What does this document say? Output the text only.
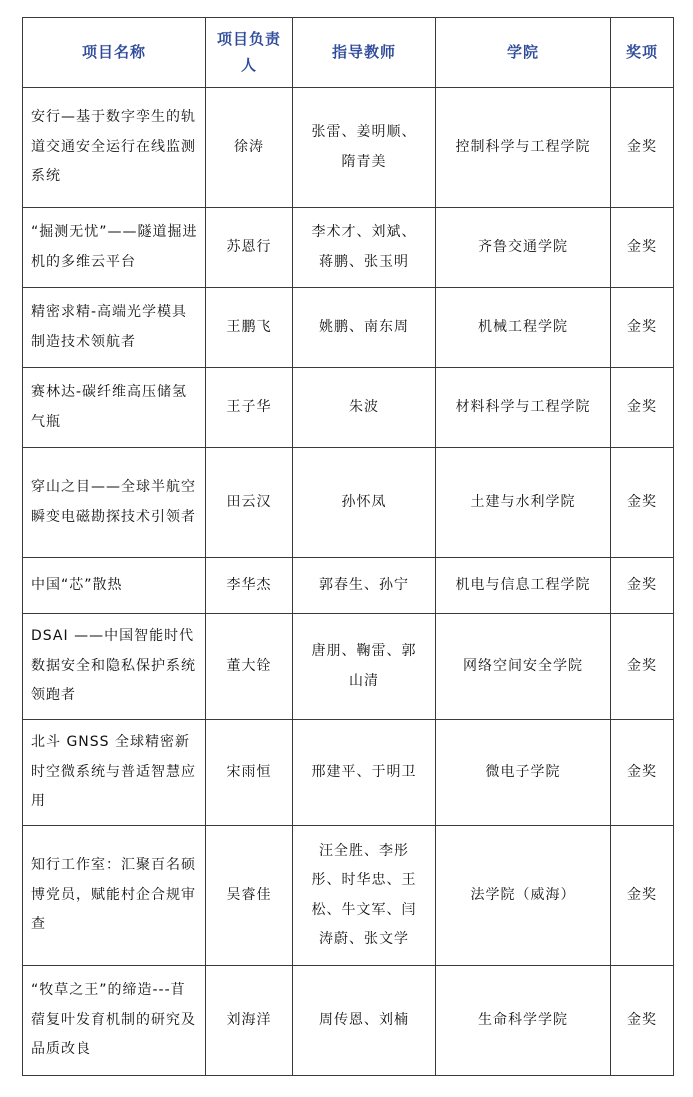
项目名称	项目负责人	指导教师	学院	奖项
安行—基于数字孪生的轨道交通安全运行在线监测系统	徐涛	张雷、姜明顺、隋青美	控制科学与工程学院	金奖
“掘测无忧”——隧道掘进机的多维云平台	苏恩行	李术才、刘斌、蒋鹏、张玉明	齐鲁交通学院	金奖
精密求精-高端光学模具制造技术领航者	王鹏飞	姚鹏、南东周	机械工程学院	金奖
赛林达-碳纤维高压储氢气瓶	王子华	朱波	材料科学与工程学院	金奖
穿山之目——全球半航空瞬变电磁勘探技术引领者	田云汉	孙怀凤	土建与水利学院	金奖
中国“芯”散热	李华杰	郭春生、孙宁	机电与信息工程学院	金奖
DSAI ——中国智能时代数据安全和隐私保护系统领跑者	董大铨	唐朋、鞠雷、郭山清	网络空间安全学院	金奖
北斗 GNSS 全球精密新时空微系统与普适智慧应用	宋雨恒	邢建平、于明卫	微电子学院	金奖
知行工作室：汇聚百名硕博党员，赋能村企合规审查	吴睿佳	汪全胜、李彤彤、时华忠、王松、牛文军、闫涛蔚、张文学	法学院（威海）	金奖
“牧草之王”的缔造---苜蓿复叶发育机制的研究及品质改良	刘海洋	周传恩、刘楠	生命科学学院	金奖
